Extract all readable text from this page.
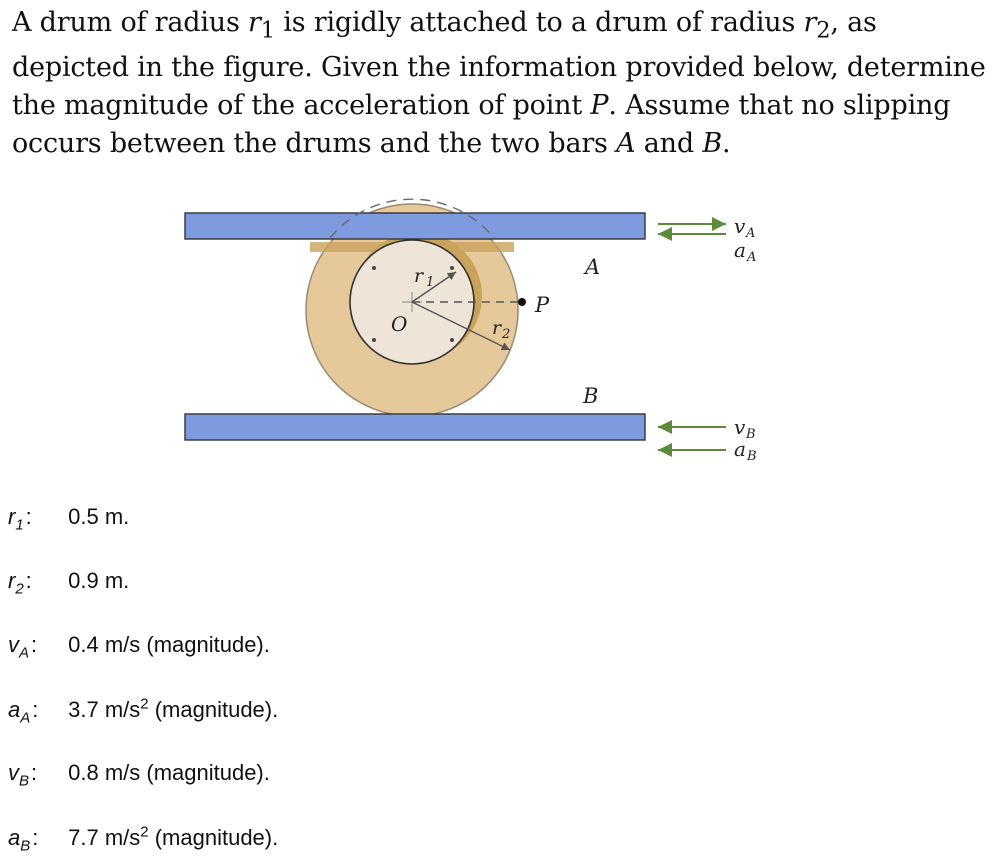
A drum of radius $r_1$ is rigidly attached to a drum of radius $r_2$, as depicted in the figure. Given the information provided below, determine the magnitude of the acceleration of point P. Assume that no slipping occurs between the drums and the two bars A and B.
r 1
O	r 2
P
A
B
v A
a A
v B
a B
$r_1$: 0.5 m.
$r_2$: 0.9 m.
$v_A$: 0.4 m/s (magnitude).
$a_A$: 3.7 $m/s^2$ (magnitude).
$v_B$: 0.8 m/s (magnitude).
$a_B$: 7.7 $m/s^2$ (magnitude).
